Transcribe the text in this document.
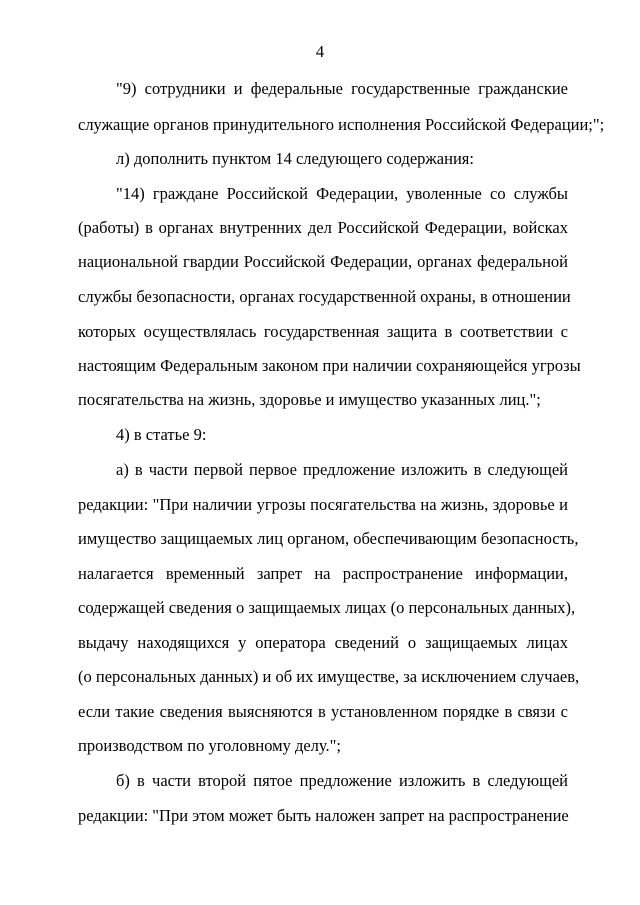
4
"9) сотрудники и федеральные государственные гражданские
служащие органов принудительного исполнения Российской Федерации;";
л) дополнить пунктом 14 следующего содержания:
"14) граждане Российской Федерации, уволенные со службы
(работы) в органах внутренних дел Российской Федерации, войсках
национальной гвардии Российской Федерации, органах федеральной
службы безопасности, органах государственной охраны, в отношении
которых осуществлялась государственная защита в соответствии с
настоящим Федеральным законом при наличии сохраняющейся угрозы
посягательства на жизнь, здоровье и имущество указанных лиц.";
4) в статье 9:
а) в части первой первое предложение изложить в следующей
редакции: "При наличии угрозы посягательства на жизнь, здоровье и
имущество защищаемых лиц органом, обеспечивающим безопасность,
налагается временный запрет на распространение информации,
содержащей сведения о защищаемых лицах (о персональных данных),
выдачу находящихся у оператора сведений о защищаемых лицах
(о персональных данных) и об их имуществе, за исключением случаев,
если такие сведения выясняются в установленном порядке в связи с
производством по уголовному делу.";
б) в части второй пятое предложение изложить в следующей
редакции: "При этом может быть наложен запрет на распространение
